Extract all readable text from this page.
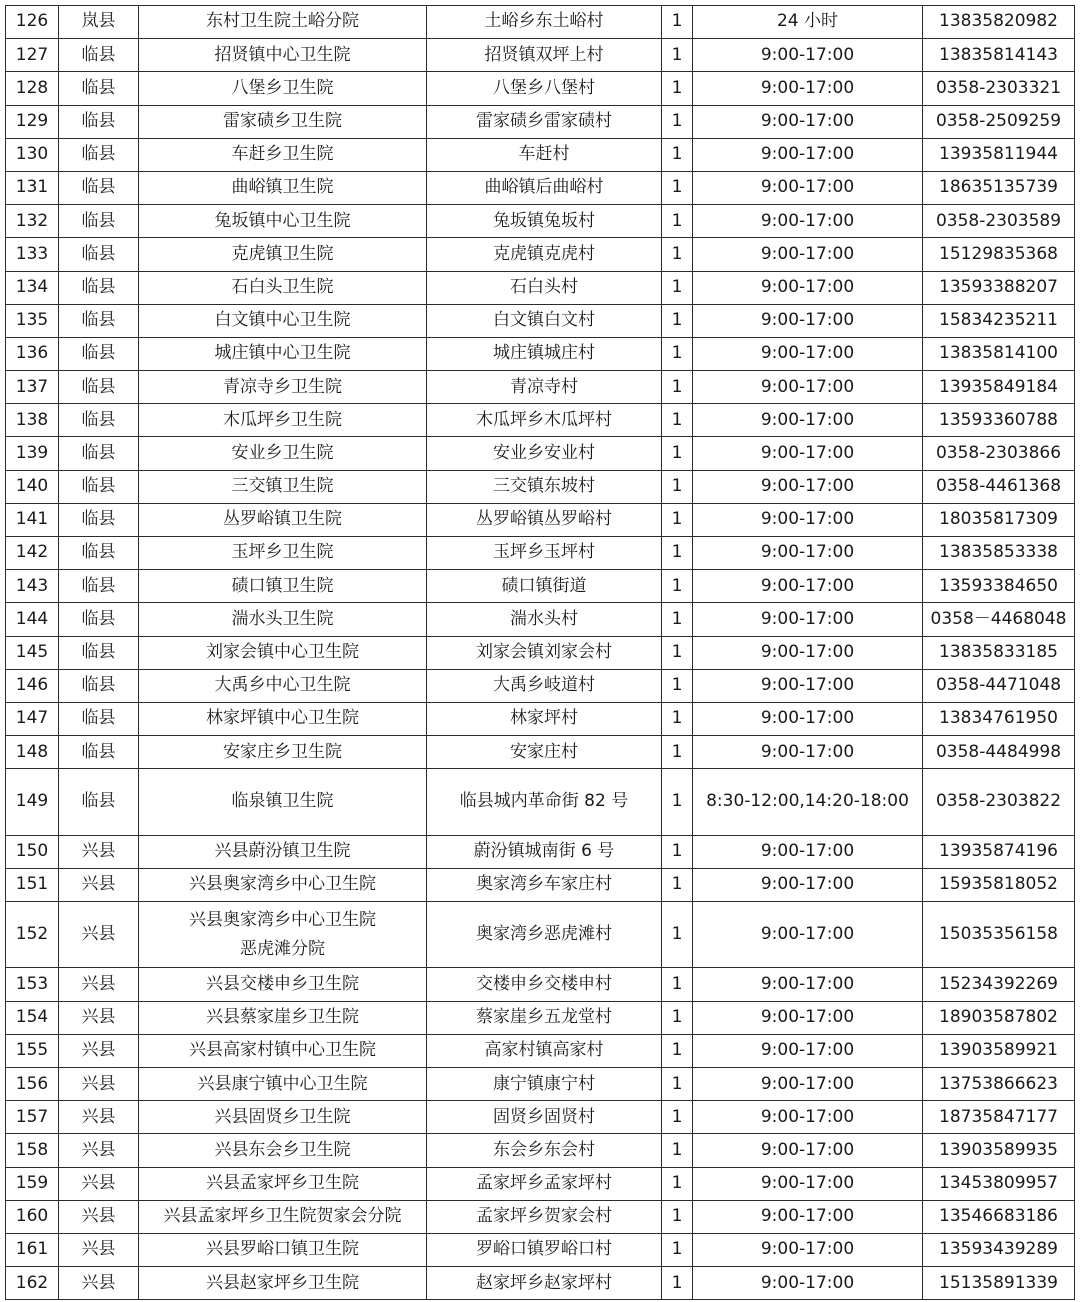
126	岚县	东村卫生院土峪分院	土峪乡东土峪村	1	24 小时	13835820982
127	临县	招贤镇中心卫生院	招贤镇双坪上村	1	9:00-17:00	13835814143
128	临县	八堡乡卫生院	八堡乡八堡村	1	9:00-17:00	0358-2303321
129	临县	雷家碛乡卫生院	雷家碛乡雷家碛村	1	9:00-17:00	0358-2509259
130	临县	车赶乡卫生院	车赶村	1	9:00-17:00	13935811944
131	临县	曲峪镇卫生院	曲峪镇后曲峪村	1	9:00-17:00	18635135739
132	临县	兔坂镇中心卫生院	兔坂镇兔坂村	1	9:00-17:00	0358-2303589
133	临县	克虎镇卫生院	克虎镇克虎村	1	9:00-17:00	15129835368
134	临县	石白头卫生院	石白头村	1	9:00-17:00	13593388207
135	临县	白文镇中心卫生院	白文镇白文村	1	9:00-17:00	15834235211
136	临县	城庄镇中心卫生院	城庄镇城庄村	1	9:00-17:00	13835814100
137	临县	青凉寺乡卫生院	青凉寺村	1	9:00-17:00	13935849184
138	临县	木瓜坪乡卫生院	木瓜坪乡木瓜坪村	1	9:00-17:00	13593360788
139	临县	安业乡卫生院	安业乡安业村	1	9:00-17:00	0358-2303866
140	临县	三交镇卫生院	三交镇东坡村	1	9:00-17:00	0358-4461368
141	临县	丛罗峪镇卫生院	丛罗峪镇丛罗峪村	1	9:00-17:00	18035817309
142	临县	玉坪乡卫生院	玉坪乡玉坪村	1	9:00-17:00	13835853338
143	临县	碛口镇卫生院	碛口镇街道	1	9:00-17:00	13593384650
144	临县	湍水头卫生院	湍水头村	1	9:00-17:00	0358－4468048
145	临县	刘家会镇中心卫生院	刘家会镇刘家会村	1	9:00-17:00	13835833185
146	临县	大禹乡中心卫生院	大禹乡岐道村	1	9:00-17:00	0358-4471048
147	临县	林家坪镇中心卫生院	林家坪村	1	9:00-17:00	13834761950
148	临县	安家庄乡卫生院	安家庄村	1	9:00-17:00	0358-4484998
149	临县	临泉镇卫生院	临县城内革命街 82 号	1	8:30-12:00,14:20-18:00	0358-2303822
150	兴县	兴县蔚汾镇卫生院	蔚汾镇城南街 6 号	1	9:00-17:00	13935874196
151	兴县	兴县奥家湾乡中心卫生院	奥家湾乡车家庄村	1	9:00-17:00	15935818052
152	兴县	兴县奥家湾乡中心卫生院
恶虎滩分院	奥家湾乡恶虎滩村	1	9:00-17:00	15035356158
153	兴县	兴县交楼申乡卫生院	交楼申乡交楼申村	1	9:00-17:00	15234392269
154	兴县	兴县蔡家崖乡卫生院	蔡家崖乡五龙堂村	1	9:00-17:00	18903587802
155	兴县	兴县高家村镇中心卫生院	高家村镇高家村	1	9:00-17:00	13903589921
156	兴县	兴县康宁镇中心卫生院	康宁镇康宁村	1	9:00-17:00	13753866623
157	兴县	兴县固贤乡卫生院	固贤乡固贤村	1	9:00-17:00	18735847177
158	兴县	兴县东会乡卫生院	东会乡东会村	1	9:00-17:00	13903589935
159	兴县	兴县孟家坪乡卫生院	孟家坪乡孟家坪村	1	9:00-17:00	13453809957
160	兴县	兴县孟家坪乡卫生院贺家会分院	孟家坪乡贺家会村	1	9:00-17:00	13546683186
161	兴县	兴县罗峪口镇卫生院	罗峪口镇罗峪口村	1	9:00-17:00	13593439289
162	兴县	兴县赵家坪乡卫生院	赵家坪乡赵家坪村	1	9:00-17:00	15135891339
